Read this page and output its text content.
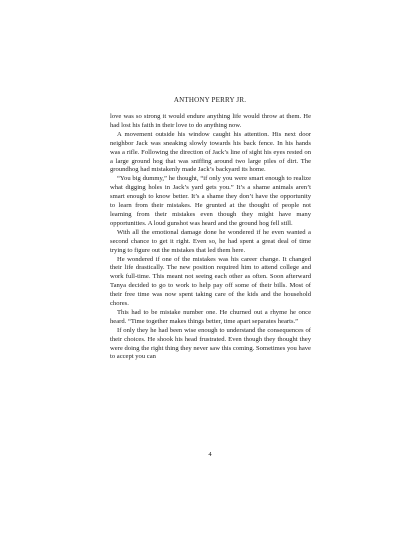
ANTHONY PERRY JR.

love was so strong it would endure anything life would throw at them. He had lost his faith in their love to do anything now.

A movement outside his window caught his attention. His next door neighbor Jack was sneaking slowly towards his back fence. In his hands was a rifle. Following the direction of Jack’s line of sight his eyes rested on a large ground hog that was sniffing around two large piles of dirt. The groundhog had mistakenly made Jack’s backyard its home.

“You big dummy,” he thought, “if only you were smart enough to realize what digging holes in Jack’s yard gets you.” It’s a shame animals aren’t smart enough to know better. It’s a shame they don’t have the opportunity to learn from their mistakes. He grunted at the thought of people not learning from their mistakes even though they might have many opportunities. A loud gunshot was heard and the ground hog fell still.

With all the emotional damage done he wondered if he even wanted a second chance to get it right. Even so, he had spent a great deal of time trying to figure out the mistakes that led them here.

He wondered if one of the mistakes was his career change. It changed their life drastically. The new position required him to attend college and work full-time. This meant not seeing each other as often. Soon afterward Tanya decided to go to work to help pay off some of their bills. Most of their free time was now spent taking care of the kids and the household chores.

This had to be mistake number one. He churned out a rhyme he once heard. “Time together makes things better, time apart separates hearts.”

If only they he had been wise enough to understand the consequences of their choices. He shook his head frustrated. Even though they thought they were doing the right thing they never saw this coming. Sometimes you have to accept you can

4
